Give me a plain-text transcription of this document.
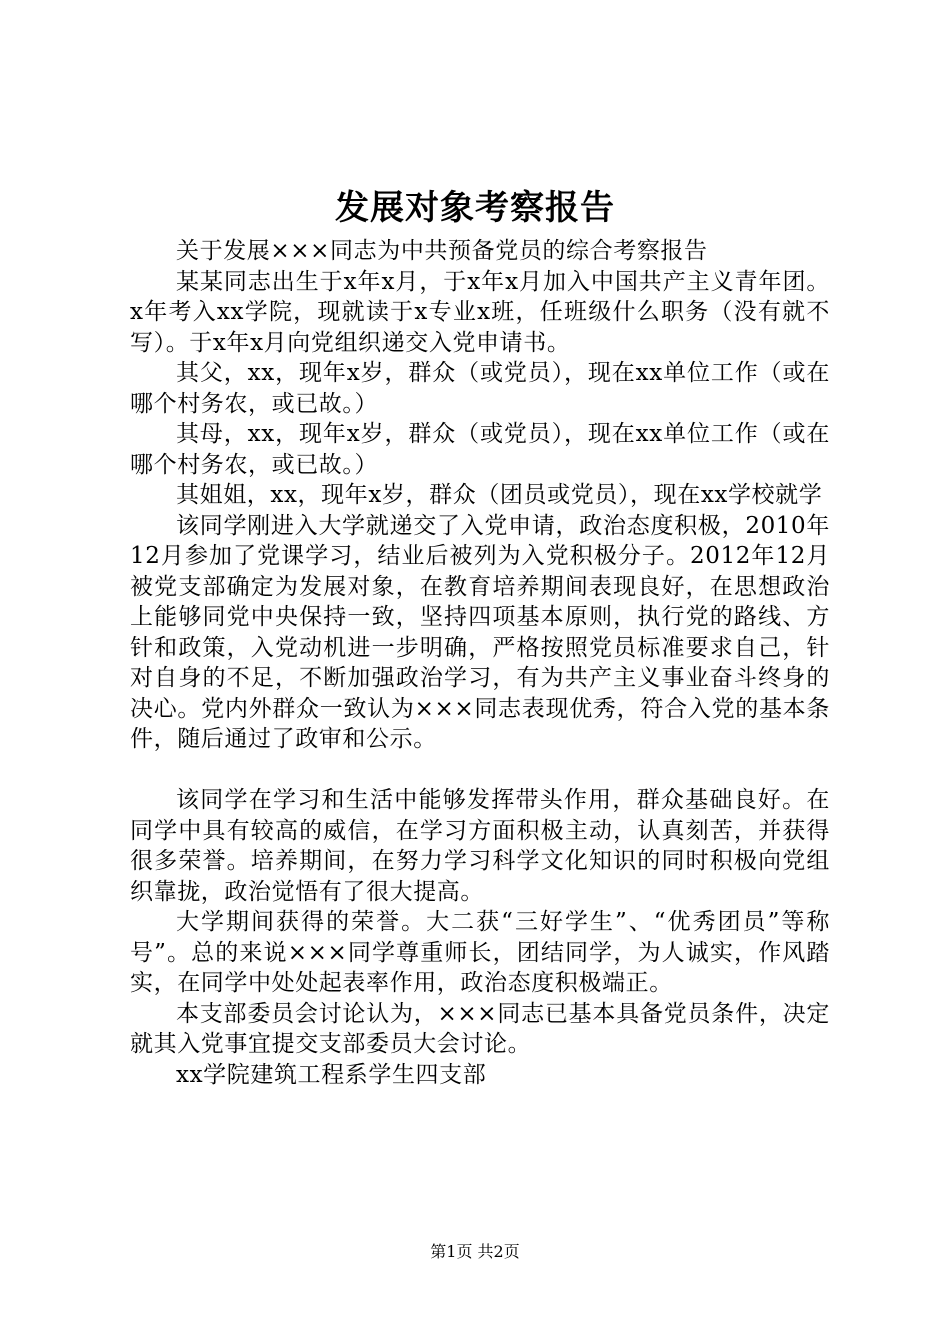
发展对象考察报告

关于发展×××同志为中共预备党员的综合考察报告

某某同志出生于x年x月，于x年x月加入中国共产主义青年团。x年考入xx学院，现就读于x专业x班，任班级什么职务（没有就不写）。于x年x月向党组织递交入党申请书。

其父，xx，现年x岁，群众（或党员），现在xx单位工作（或在哪个村务农，或已故。）

其母，xx，现年x岁，群众（或党员），现在xx单位工作（或在哪个村务农，或已故。）

其姐姐，xx，现年x岁，群众（团员或党员），现在xx学校就学

该同学刚进入大学就递交了入党申请，政治态度积极，2010年12月参加了党课学习，结业后被列为入党积极分子。2012年12月被党支部确定为发展对象，在教育培养期间表现良好，在思想政治上能够同党中央保持一致，坚持四项基本原则，执行党的路线、方针和政策，入党动机进一步明确，严格按照党员标准要求自己，针对自身的不足，不断加强政治学习，有为共产主义事业奋斗终身的决心。党内外群众一致认为×××同志表现优秀，符合入党的基本条件，随后通过了政审和公示。

该同学在学习和生活中能够发挥带头作用，群众基础良好。在同学中具有较高的威信，在学习方面积极主动，认真刻苦，并获得很多荣誉。培养期间，在努力学习科学文化知识的同时积极向党组织靠拢，政治觉悟有了很大提高。

大学期间获得的荣誉。大二获“三好学生”、“优秀团员”等称号”。总的来说×××同学尊重师长，团结同学，为人诚实，作风踏实，在同学中处处起表率作用，政治态度积极端正。

本支部委员会讨论认为，×××同志已基本具备党员条件，决定就其入党事宜提交支部委员大会讨论。

xx学院建筑工程系学生四支部

第1页 共2页
